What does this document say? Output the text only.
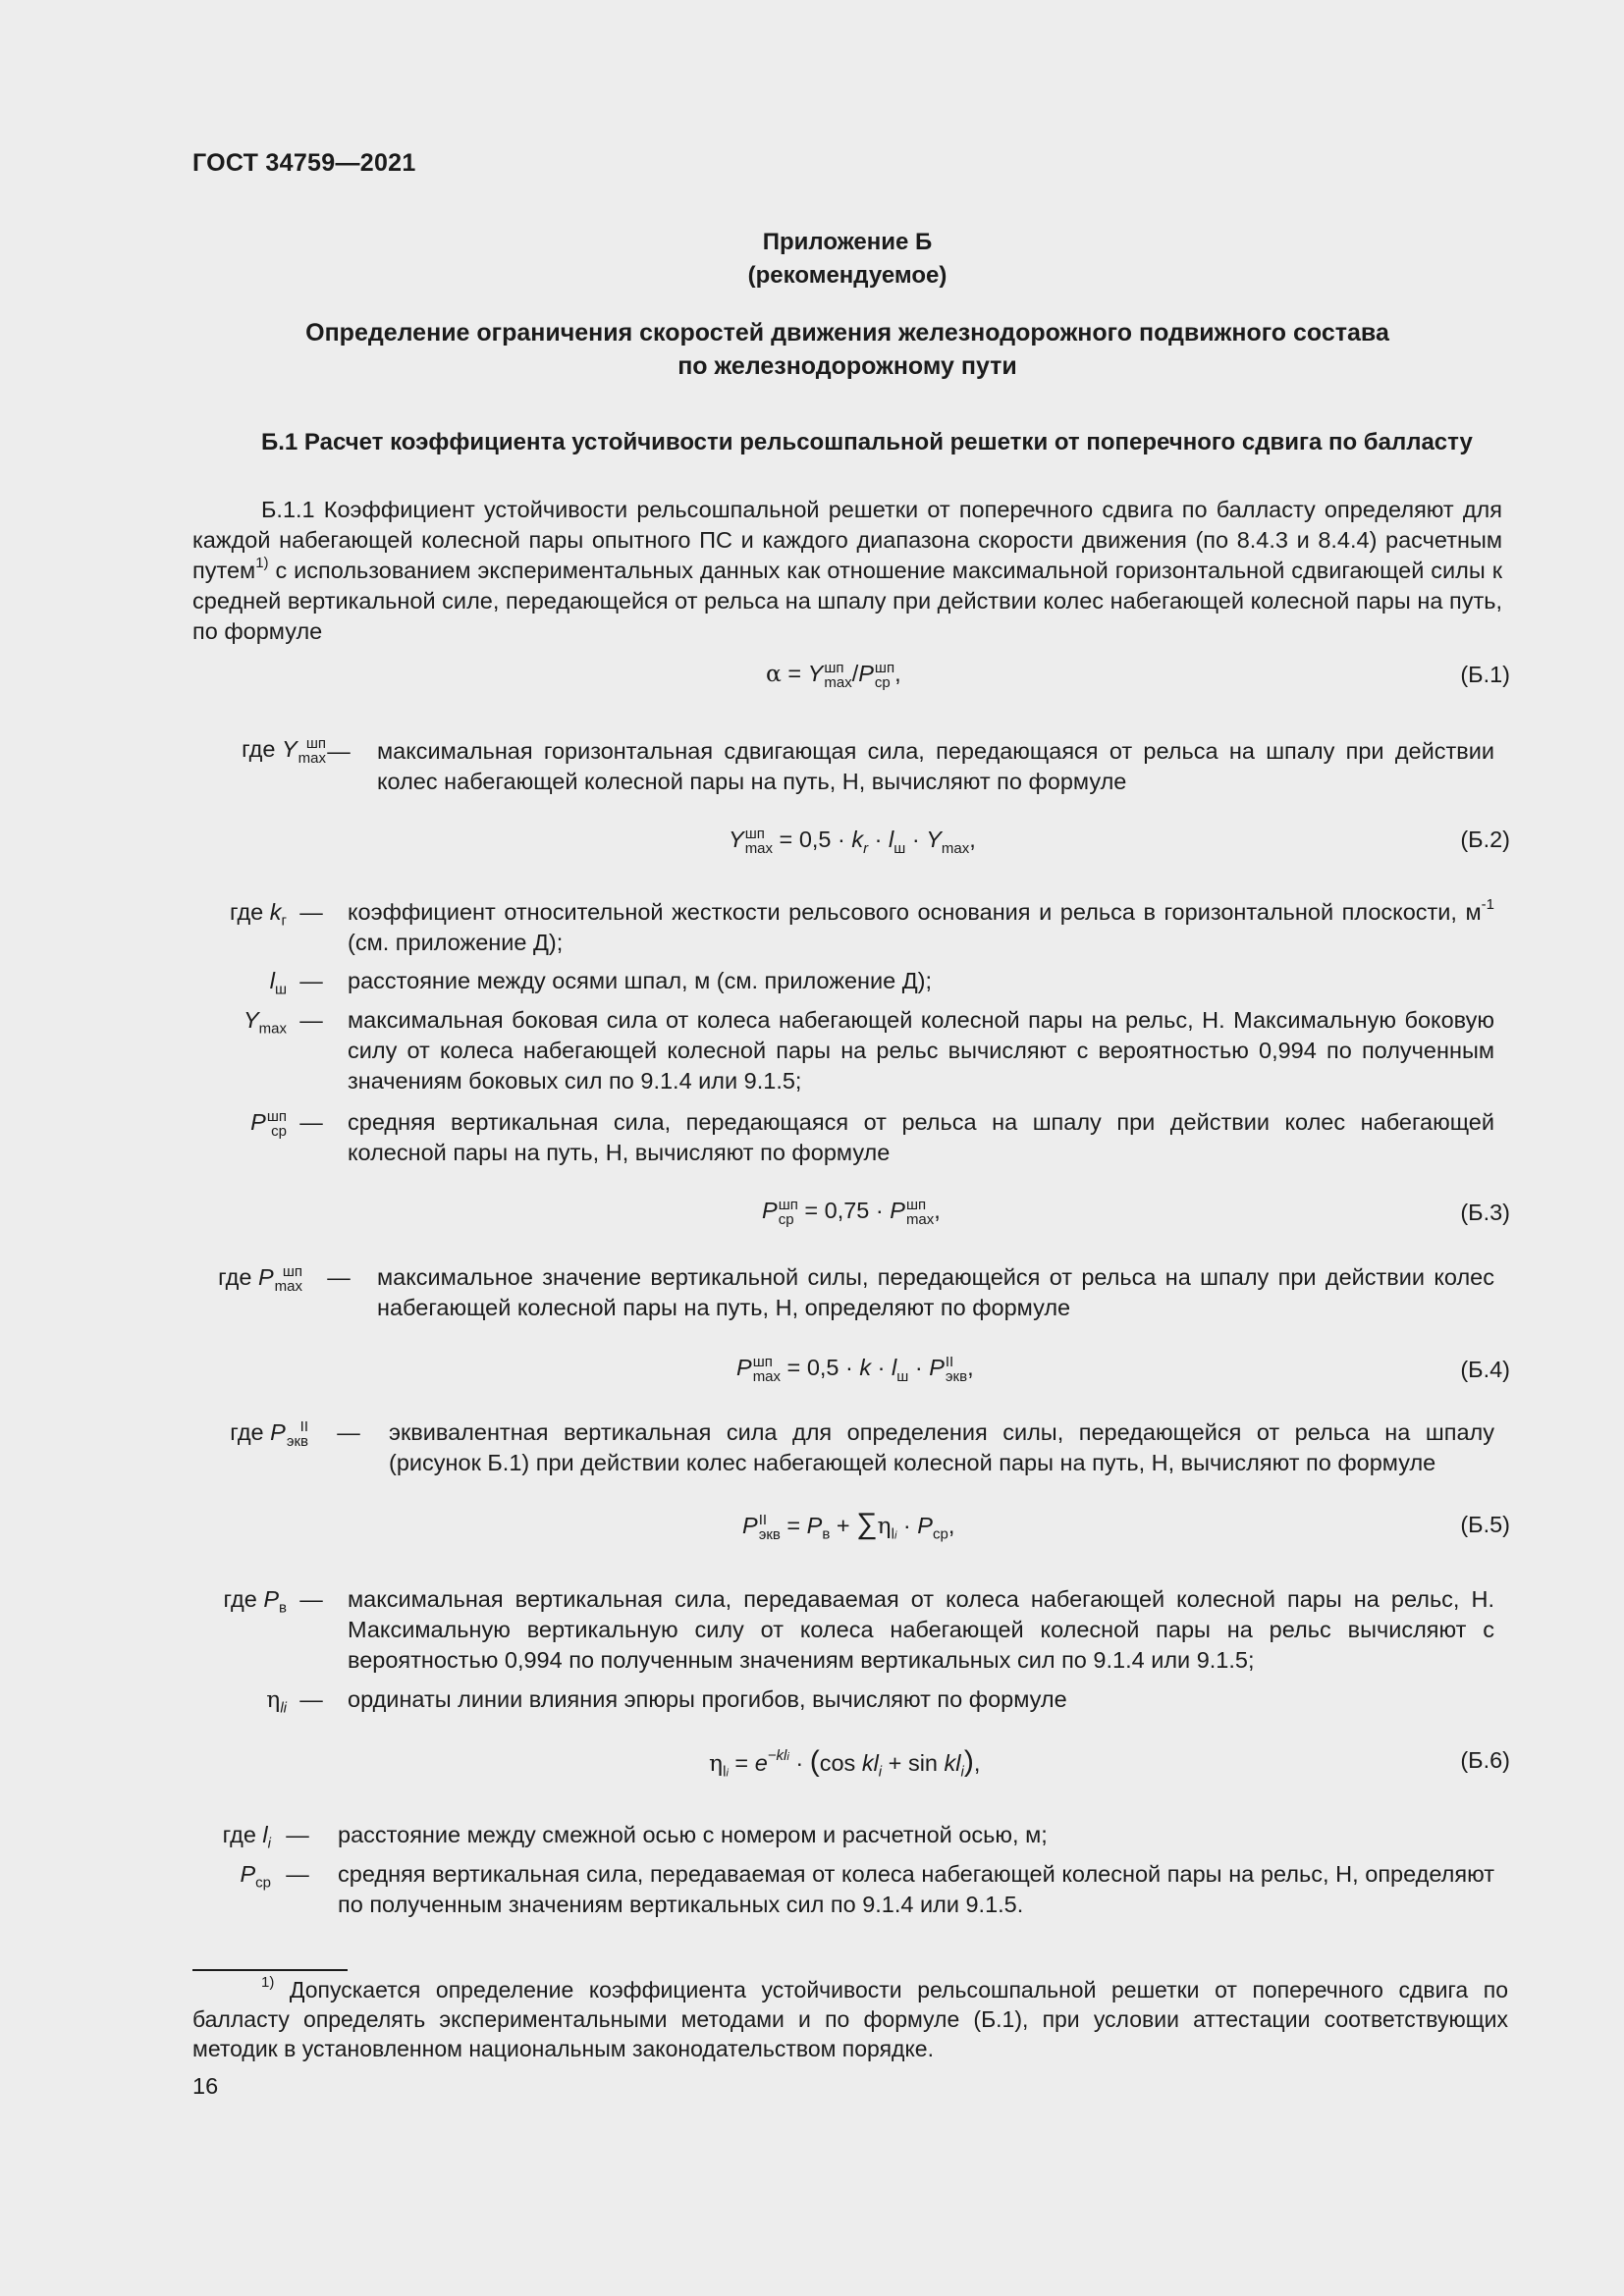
ГОСТ 34759—2021
Приложение Б
(рекомендуемое)
Определение ограничения скоростей движения железнодорожного подвижного состава
по железнодорожному пути
Б.1 Расчет коэффициента устойчивости рельсошпальной решетки от поперечного сдвига по балласту
Б.1.1 Коэффициент устойчивости рельсошпальной решетки от поперечного сдвига по балласту определяют для каждой набегающей колесной пары опытного ПС и каждого диапазона скорости движения (по 8.4.3 и 8.4.4) расчетным путем$^{1)}$ с использованием экспериментальных данных как отношение максимальной горизонтальной сдвигающей силы к средней вертикальной силе, передающейся от рельса на шпалу при действии колес набегающей колесной пары на путь, по формуле
α = Y шп
max /P шп
ср ,	(Б.1)
где Y шп
max — максимальная горизонтальная сдвигающая сила, передающаяся от рельса на шпалу при действии колес набегающей колесной пары на путь, Н, вычисляют по формуле
Y шп
$\max = 0,5 \cdot k_r \cdot l_ш \cdot Y_{max}$,	(Б.2)
где $k_г$ — коэффициент относительной жесткости рельсового основания и рельса в горизонтальной плоскости, $м^{-1}$ (см. приложение Д);
$l_ш$ — расстояние между осями шпал, м (см. приложение Д);
$Y_{max}$ — максимальная боковая сила от колеса набегающей колесной пары на рельс, Н. Максимальную боковую силу от колеса набегающей колесной пары на рельс вычисляют с вероятностью 0,994 по полученным значениям боковых сил по 9.1.4 или 9.1.5;
P шп
ср — средняя вертикальная сила, передающаяся от рельса на шпалу при действии колес набегающей колесной пары на путь, Н, вычисляют по формуле
P шп
ср = 0,75 · P шп
max ,	(Б.3)
где P шп
max — максимальное значение вертикальной силы, передающейся от рельса на шпалу при действии колес набегающей колесной пары на путь, Н, определяют по формуле
P шп
$\max = 0,5 \cdot k \cdot l_ш \cdot P$ II
экв ,	(Б.4)
где P II
экв — эквивалентная вертикальная сила для определения силы, передающейся от рельса на шпалу (рисунок Б.1) при действии колес набегающей колесной пары на путь, Н, вычисляют по формуле
P II
экв = $P_в + \sum\eta_{li} \cdot P_{ср}$,	(Б.5)
где $P_в$ — максимальная вертикальная сила, передаваемая от колеса набегающей колесной пары на рельс, Н. Максимальную вертикальную силу от колеса набегающей колесной пары на рельс вычисляют с вероятностью 0,994 по полученным значениям вертикальных сил по 9.1.4 или 9.1.5;
$\eta_{li}$ — ординаты линии влияния эпюры прогибов, вычисляют по формуле
$\eta_{li} = e^{-kli} \cdot (\cos$ $kl_i + \sin kl_i$),	(Б.6)
где $l_i$ — расстояние между смежной осью с номером и расчетной осью, м;
$P_{ср}$ — средняя вертикальная сила, передаваемая от колеса набегающей колесной пары на рельс, Н, определяют по полученным значениям вертикальных сил по 9.1.4 или 9.1.5.
$^{1)}$ Допускается определение коэффициента устойчивости рельсошпальной решетки от поперечного сдвига по балласту определять экспериментальными методами и по формуле (Б.1), при условии аттестации соответствующих методик в установленном национальным законодательством порядке.
16
